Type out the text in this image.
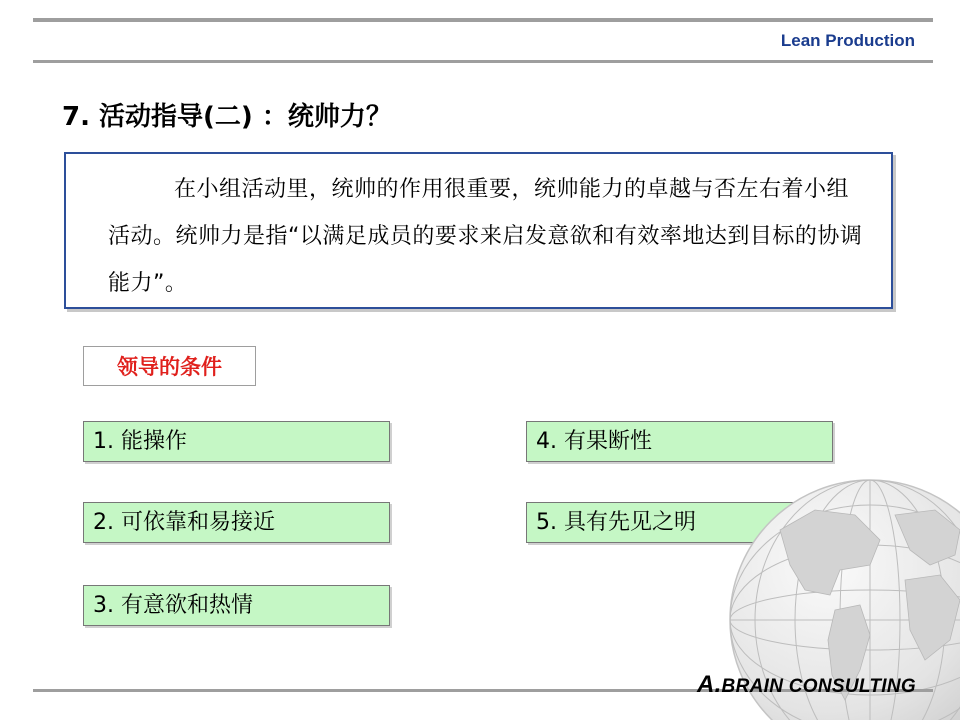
Lean Production
7. 活动指导(二) ：统帅力？
在小组活动里，统帅的作用很重要，统帅能力的卓越与否左右着小组活动。统帅力是指“以满足成员的要求来启发意欲和有效率地达到目标的协调能力”。
领导的条件
1. 能操作
2. 可依靠和易接近
3. 有意欲和热情
4. 有果断性
5. 具有先见之明
A.BRAIN CONSULTING
